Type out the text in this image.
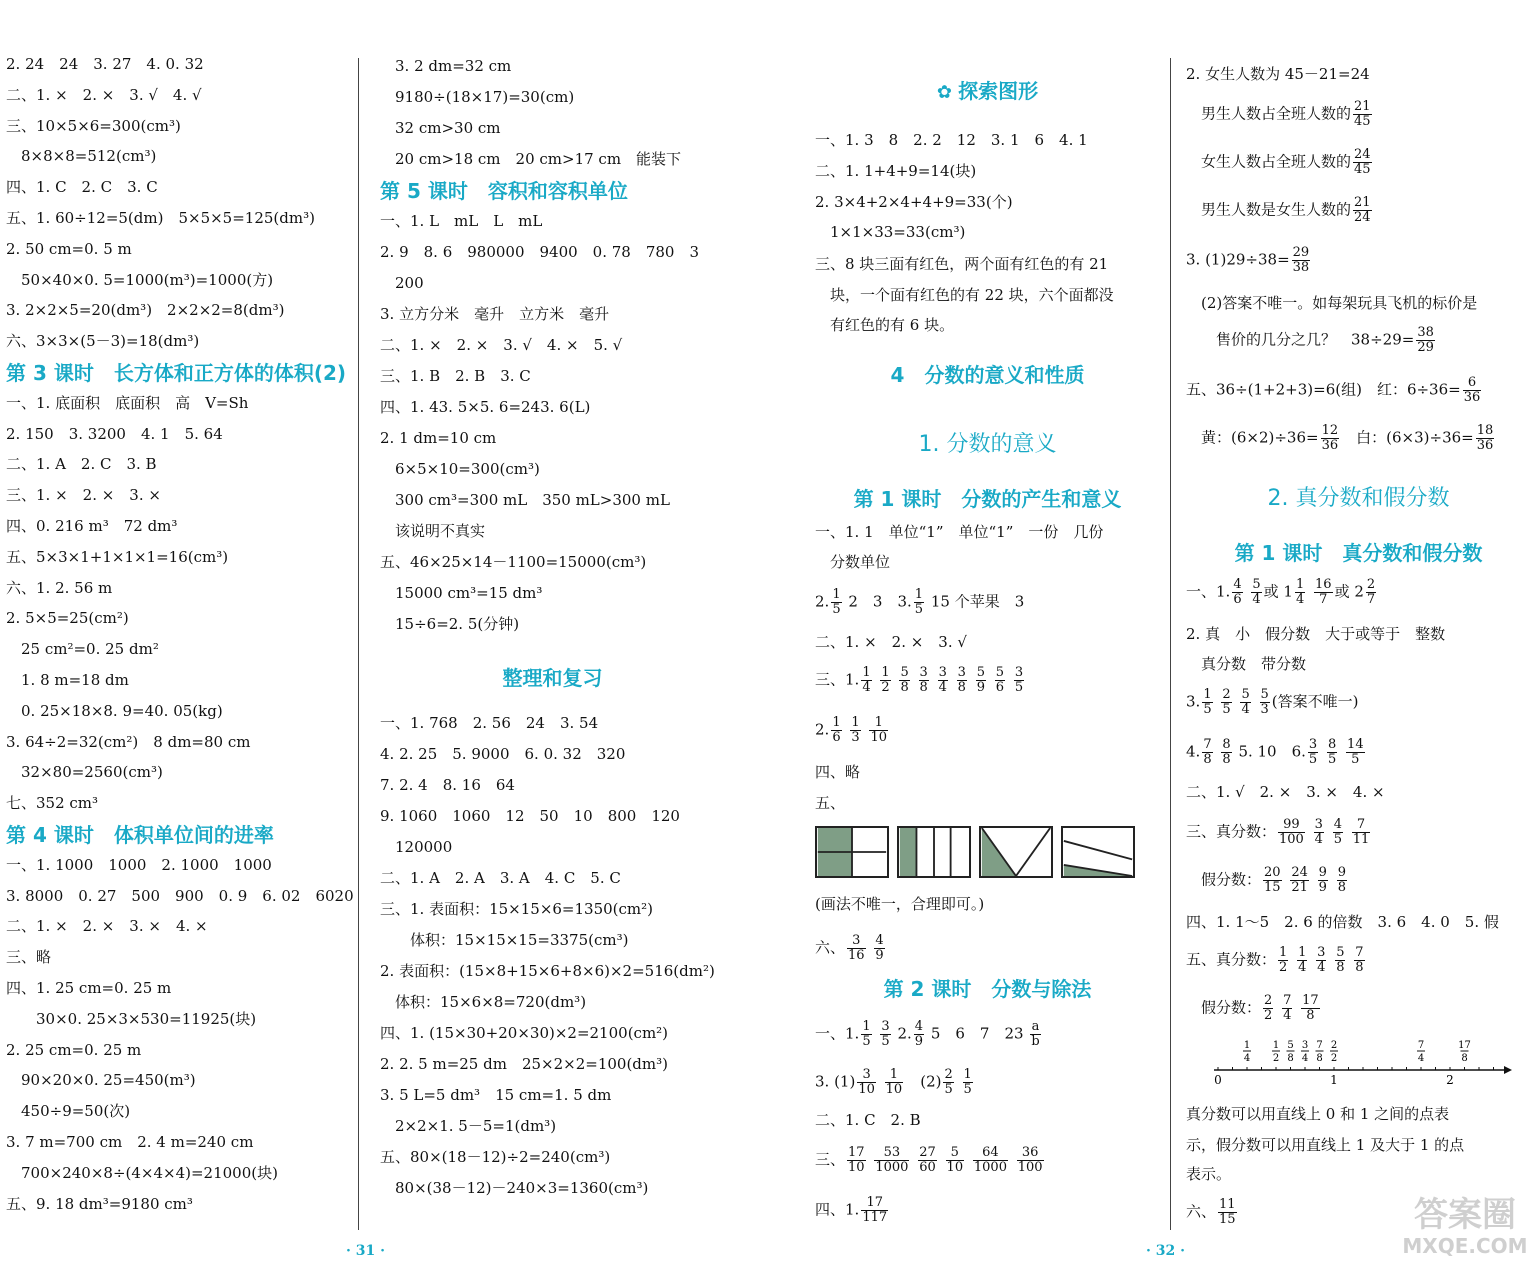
2. 24　24　3. 27　4. 0. 32
二、1. ×　2. ×　3. √　4. √
三、10×5×6=300(cm³)
　8×8×8=512(cm³)
四、1. C　2. C　3. C
五、1. 60÷12=5(dm)　5×5×5=125(dm³)
2. 50 cm=0. 5 m
　50×40×0. 5=1000(m³)=1000(方)
3. 2×2×5=20(dm³)　2×2×2=8(dm³)
六、3×3×(5－3)=18(dm³)
第 3 课时　长方体和正方体的体积(2)
一、1. 底面积　底面积　高　V=Sh
2. 150　3. 3200　4. 1　5. 64
二、1. A　2. C　3. B
三、1. ×　2. ×　3. ×
四、0. 216 m³　72 dm³
五、5×3×1+1×1×1=16(cm³)
六、1. 2. 56 m
2. 5×5=25(cm²)
　25 cm²=0. 25 dm²
　1. 8 m=18 dm
　0. 25×18×8. 9=40. 05(kg)
3. 64÷2=32(cm²)　8 dm=80 cm
　32×80=2560(cm³)
七、352 cm³
第 4 课时　体积单位间的进率
一、1. 1000　1000　2. 1000　1000
3. 8000　0. 27　500　900　0. 9　6. 02　6020
二、1. ×　2. ×　3. ×　4. ×
三、略
四、1. 25 cm=0. 25 m
　　30×0. 25×3×530=11925(块)
2. 25 cm=0. 25 m
　90×20×0. 25=450(m³)
　450÷9=50(次)
3. 7 m=700 cm　2. 4 m=240 cm
　700×240×8÷(4×4×4)=21000(块)
五、9. 18 dm³=9180 cm³
　3. 2 dm=32 cm
　9180÷(18×17)=30(cm)
　32 cm>30 cm
　20 cm>18 cm　20 cm>17 cm　能装下
第 5 课时　容积和容积单位
一、1. L　mL　L　mL
2. 9　8. 6　980000　9400　0. 78　780　3
　200
3. 立方分米　毫升　立方米　毫升
二、1. ×　2. ×　3. √　4. ×　5. √
三、1. B　2. B　3. C
四、1. 43. 5×5. 6=243. 6(L)
2. 1 dm=10 cm
　6×5×10=300(cm³)
　300 cm³=300 mL　350 mL>300 mL
　该说明不真实
五、46×25×14－1100=15000(cm³)
　15000 cm³=15 dm³
　15÷6=2. 5(分钟)
整理和复习
一、1. 768　2. 56　24　3. 54
4. 2. 25　5. 9000　6. 0. 32　320
7. 2. 4　8. 16　64
9. 1060　1060　12　50　10　800　120
　120000
二、1. A　2. A　3. A　4. C　5. C
三、1. 表面积：15×15×6=1350(cm²)
　　体积：15×15×15=3375(cm³)
2. 表面积：(15×8+15×6+8×6)×2=516(dm²)
　体积：15×6×8=720(dm³)
四、1. (15×30+20×30)×2=2100(cm²)
2. 2. 5 m=25 dm　25×2×2=100(dm³)
3. 5 L=5 dm³　15 cm=1. 5 dm
　2×2×1. 5－5=1(dm³)
五、80×(18－12)÷2=240(cm³)
　80×(38－12)－240×3=1360(cm³)
✿ 探索图形
一、1. 3　8　2. 2　12　3. 1　6　4. 1
二、1. 1+4+9=14(块)
2. 3×4+2×4+4+9=33(个)
　1×1×33=33(cm³)
三、8 块三面有红色，两个面有红色的有 21
　块，一个面有红色的有 22 块，六个面都没
　有红色的有 6 块。
4　分数的意义和性质
1. 分数的意义
第 1 课时　分数的产生和意义
一、1. 1　单位“1”　单位“1”　一份　几份
　分数单位
2. $\frac{1}{5} 2$　3　3. $\frac{1}{5} 15$ 个苹果　3
二、1. ×　2. ×　3. √
三、1. $\frac{1}{4}$
$\frac{1}{2}$
$\frac{5}{8}$
$\frac{3}{8}$
$\frac{3}{4}$
$\frac{3}{8}$
$\frac{5}{9}$
$\frac{5}{6}$
$\frac{3}{5}$
2. $\frac{1}{6}$
$\frac{1}{3}$
$\frac{1}{10}$
四、略
五、
(画法不唯一，合理即可。)
六、 $\frac{3}{16}$
$\frac{4}{9}$
第 2 课时　分数与除法
一、1. $\frac{1}{5}$
$\frac{3}{5} 2$. $\frac{4}{9} 5$　6　7　$23 \frac{a}{b}$
3. $(1) \frac{3}{10}$
$\frac{1}{10}$
　 $(2) \frac{2}{5}$
$\frac{1}{5}$
二、1. C　2. B
三、 $\frac{17}{10}$
$\frac{53}{1000}$
$\frac{27}{60}$
$\frac{5}{10}$
$\frac{64}{1000}$
$\frac{36}{100}$
四、1. $\frac{17}{117}$
2. 女生人数为 45－21=24
　男生人数占全班人数的 $\frac{21}{45}$
　女生人数占全班人数的 $\frac{24}{45}$
　男生人数是女生人数的 $\frac{21}{24}$
3. $(1)29\div 38= \frac{29}{38}$
　(2)答案不唯一。如每架玩具飞机的标价是
　　售价的几分之几？　$38\div 29= \frac{38}{29}$
五、36÷(1+2+3)=6(组)　红：$6\div 36= \frac{6}{36}$
　黄：$(6\times 2)\div 36= \frac{12}{36}$
　 白：$(6\times 3)\div 36= \frac{18}{36}$
2. 真分数和假分数
第 1 课时　真分数和假分数
一、1. $\frac{4}{6}$
$\frac{5}{4}$ 或 $1 \frac{1}{4}$
$\frac{16}{7}$ 或 $2 \frac{2}{7}$
2. 真　小　假分数　大于或等于　整数
　真分数　带分数
3. $\frac{1}{5}$
$\frac{2}{5}$
$\frac{5}{4}$
$\frac{5}{3}$ (答案不唯一)
4. $\frac{7}{8}$
$\frac{8}{8} 5$. 10　6. $\frac{3}{5}$
$\frac{8}{5}$
$\frac{14}{5}$
二、1. √　2. ×　3. ×　4. ×
三、真分数： $\frac{99}{100}$
$\frac{3}{4}$
$\frac{4}{5}$
$\frac{7}{11}$
　假分数： $\frac{20}{15}$
$\frac{24}{21}$
$\frac{9}{9}$
$\frac{9}{8}$
四、1. 1～5　2. 6 的倍数　3. 6　4. 0　5. 假
五、真分数： $\frac{1}{2}$
$\frac{1}{4}$
$\frac{3}{4}$
$\frac{5}{8}$
$\frac{7}{8}$
　假分数： $\frac{2}{2}$
$\frac{7}{4}$
$\frac{17}{8}$
0	1	2
1
4
1
2
5
8
3
4
7
8
2
2
7
4
17
8
真分数可以用直线上 0 和 1 之间的点表
示，假分数可以用直线上 1 及大于 1 的点
表示。
六、 $\frac{11}{15}$
· 31 ·	· 32 ·
答案圈
MXQE.COM
